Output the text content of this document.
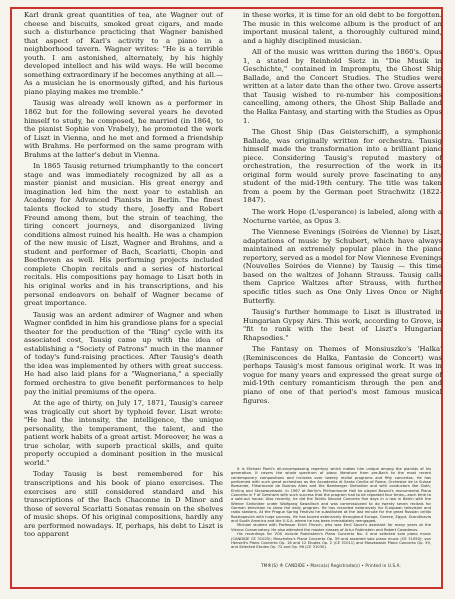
Karl drank great quantities of tea, ate Wagner out of cheese and biscuits, smoked great cigars, and made such a disturbance practicing that Wagner banished that aspect of Karl's activity to a piano in a neighborhood tavern. Wagner writes: "He is a terrible youth. I am astonished, alternately, by his highly developed intellect and his wild ways. He will become something extraordinary if he becomes anything at all.—As a musician he is enormously gifted, and his furious piano playing makes me tremble."

Tausig was already well known as a performer in 1862 but for the following several years he devoted himself to study, he composed, he married (in 1864, to the pianist Sophie von Vrabely), he promoted the work of Liszt in Vienna, and he met and formed a friendship with Brahms. He performed on the same program with Brahms at the latter's debut in Vienna.

In 1865 Tausig returned triumphantly to the concert stage and was immediately recognized by all as a master pianist and musician. His great energy and imagination led him the next year to establish an Academy for Advanced Pianists in Berlin. The finest talents flocked to study there, Joseffy and Robert Freund among them, but the strain of teaching, the tiring concert journeys, and disorganized living conditions almost ruined his health. He was a champion of the new music of Liszt, Wagner and Brahms, and a student and performer of Bach, Scarlatti, Chopin and Beethoven as well. His performing projects included complete Chopin recitals and a series of historical recitals. His compositions pay homage to Liszt both in his original works and in his transcriptions, and his personal endeavors on behalf of Wagner became of great importance.

Tausig was an ardent admirer of Wagner and when Wagner confided in him his grandiose plans for a special theater for the production of the "Ring" cycle with its associated cost, Tausig came up with the idea of establishing a "Society of Patrons" much in the manner of today's fund-raising practices. After Tausig's death the idea was implemented by others with great success. He had also laid plans for a "Wagneriana," a specially formed orchestra to give benefit performances to help pay the initial premiums of the opera.

At the age of thirty, on July 17, 1871, Tausig's career was tragically cut short by typhoid fever. Liszt wrote: "He had the intensity, the intelligence, the unique personality, the temperament, the talent, and the patient work habits of a great artist. Moreover, he was a true scholar, with superb practical skills, and quite properly occupied a dominant position in the musical world."

Today Tausig is best remembered for his transcriptions and his book of piano exercises. The exercises are still considered standard and his transcriptions of the Bach Chaconne in D Minor and those of several Scarlatti Sonatas remain on the shelves of music shops. Of his original compositions, hardly any are performed nowadays. If, perhaps, his debt to Liszt is too apparent

in these works, it is time for an old debt to be forgotten. The music in this welcome album is the product of an important musical talent, a thoroughly cultured mind, and a highly disciplined musician.

All of the music was written during the 1860's. Opus 1, a stated by Reinhold Sietz in "Die Musik in Geschichte," contained in Impromptu, the Ghost Ship Ballade, and the Concert Studies. The Studies were written at a later date than the other two. Grove asserts that Tausig wished to re-number his compositions cancelling, among others, the Ghost Ship Ballade and the Halka Fantasy, and starting with the Studies as Opus 1.

The Ghost Ship (Das Geisterschiff), a symphonic Ballade, was originally written for orchestra. Tausig himself made the transformation into a brilliant piano piece. Considering Tausig's reputed mastery of orchestration, the resurrection of the work in its original form would surely prove fascinating to any student of the mid-19th century. The title was taken from a poem by the German poet Strachwitz (1822-1847).

The work Hope (L'esperance) is labeled, along with a Nocturne variée, as Opus 3.

The Viennese Evenings (Soirées de Vienne) by Liszt, adaptations of music by Schubert, which have always maintained an extremely popular place in the piano repertory, served as a model for New Viennese Evenings (Nouvelles Soirées de Vienne) by Tausig — this time based on the waltzes of Johann Strauss. Tausig calls them Caprice Waltzes after Strauss, with further specific titles such as One Only Lives Once or Night Butterfly.

Tausig's further hommage to Liszt is illustrated in Hungarian Gypsy Airs. This work, according to Grove, is "fit to rank with the best of Liszt's Hungarian Rhapsodies."

The Fantasy on Themes of Monsiuszko's 'Halka' (Reminiscences de Halka, Fantasie de Concert) was perhaps Tausig's most famous original work. It was in vogue for many years and expressed the great surge of mid-19th century romanticism through the pen and piano of one of that period's most famous musical figures.

It is Michael Ponti's all-encompassing repertory which makes him unique among the pianists of his generation. It covers the whole spectrum of piano literature from pre-Bach to the most recent contemporary compositions and includes over twenty recital programs and fifty concertos. He has performed with such great orchestras as the Accademia di Santa Cecilia of Rome, Orchestre de la Suisse Romande, Filharmonie de Buenos Aires and the Bamberger Sinfoniker and with conductors like Sixth, Ehrling and Skrowaczewski. In 1967 at Berlin's Philharmonie Hall he played Busoni's monumental Piano Concerto in F of Gershwin with such success that the program had to be repeated four times—each time to a sold-out house. Also recently, he did the Tairkis Second Concerto five days in a row in Berlin with the Wiener Sinfoniker under Wolfgang Sawallisch and was commissioned to do twenty seven recitals for German television to show the daily program. He has recorded extensively for European television and radio stations. At the Prague Spring Festival he substituted at the last minute for the great Russian cellist Rostropovich with huge success. He has toured extensively throughout Europe, Greece, Egypt, Scandinavia and South America and the U.S.A. where he has been immediately reengaged.

Michael studied with Professor Erich Flinsch, who was Emil Sauer's assistant for many years at the Vienna Conservatory. He also attended the master classes of Artur Rubinstein and Robert Casadesus.

His recordings for VOX include Rubinstein's Piano Concerto No. 4 and selected solo piano music (CANDIDE CE 31025); Moscheles's Piano Concerto Op. 59 and assorted solo piano music (CE 31050); von Henselt's Piano Concerto Op. 16 and 12 Etudes Op. 2 (CE 31011) and Moszkowski Piano Concerto Op. 59, and Selected Etudes Op. 72 and Op. 96 (CE 31030).

TM®(S) ® CANDIDE • Marca(s) Registrada(s) • Printed in U.S.A.
